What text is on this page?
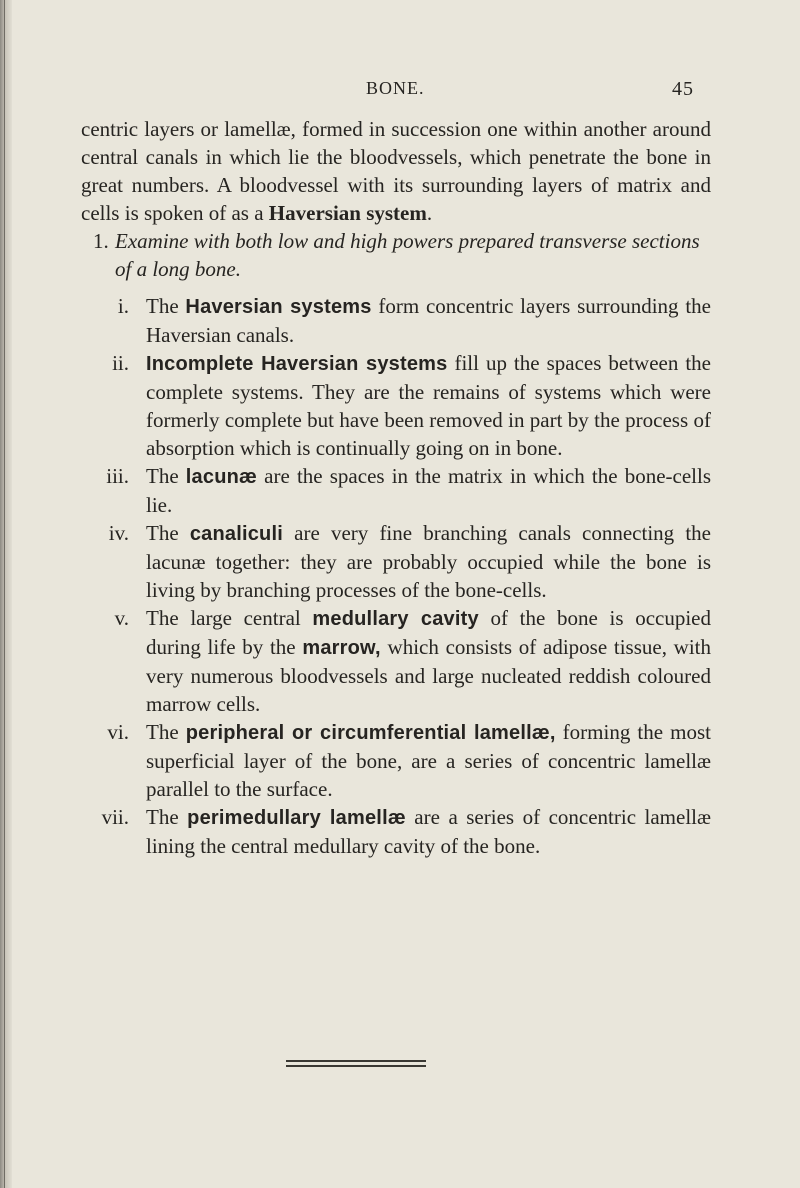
BONE.	45

centric layers or lamellæ, formed in succession one within another around central canals in which lie the bloodvessels, which penetrate the bone in great numbers. A bloodvessel with its surrounding layers of matrix and cells is spoken of as a Haversian system.

1. Examine with both low and high powers prepared transverse sections of a long bone.

i. The Haversian systems form concentric layers surrounding the Haversian canals.

ii. Incomplete Haversian systems fill up the spaces between the complete systems. They are the remains of systems which were formerly complete but have been removed in part by the process of absorption which is continually going on in bone.

iii. The lacunæ are the spaces in the matrix in which the bone-cells lie.

iv. The canaliculi are very fine branching canals connecting the lacunæ together: they are probably occupied while the bone is living by branching processes of the bone-cells.

v. The large central medullary cavity of the bone is occupied during life by the marrow, which consists of adipose tissue, with very numerous bloodvessels and large nucleated reddish coloured marrow cells.

vi. The peripheral or circumferential lamellæ, forming the most superficial layer of the bone, are a series of concentric lamellæ parallel to the surface.

vii. The perimedullary lamellæ are a series of concentric lamellæ lining the central medullary cavity of the bone.
